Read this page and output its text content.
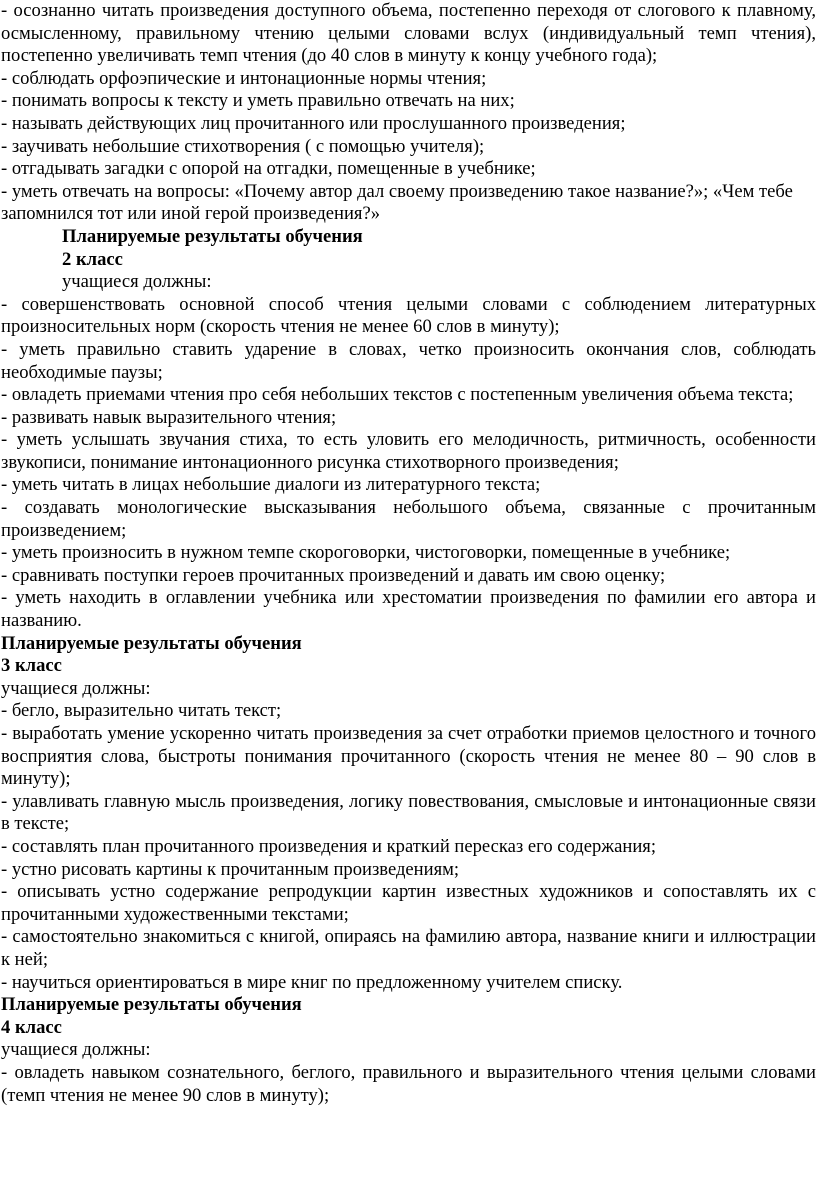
- осознанно читать произведения доступного объема, постепенно переходя от слогового к плавному, осмысленному, правильному чтению целыми словами вслух (индивидуальный темп чтения), постепенно увеличивать темп чтения (до 40 слов в минуту к концу учебного года);

- соблюдать орфоэпические и интонационные нормы чтения;

- понимать вопросы к тексту и уметь правильно отвечать на них;

- называть действующих лиц прочитанного или прослушанного произведения;

- заучивать небольшие стихотворения ( с помощью учителя);

- отгадывать загадки с опорой на отгадки, помещенные в учебнике;

- уметь отвечать на вопросы: «Почему автор дал своему произведению такое название?»; «Чем тебе запомнился тот или иной герой произведения?»

Планируемые результаты обучения

2 класс

учащиеся должны:

- совершенствовать основной способ чтения целыми словами с соблюдением литературных произносительных норм (скорость чтения не менее 60 слов в минуту);

- уметь правильно ставить ударение в словах, четко произносить окончания слов, соблюдать необходимые паузы;

- овладеть приемами чтения про себя небольших текстов с постепенным увеличения объема текста;

- развивать навык выразительного чтения;

- уметь услышать звучания стиха, то есть уловить его мелодичность, ритмичность, особенности звукописи, понимание интонационного рисунка стихотворного произведения;

- уметь читать в лицах небольшие диалоги из литературного текста;

- создавать монологические высказывания небольшого объема, связанные с прочитанным произведением;

- уметь произносить в нужном темпе скороговорки, чистоговорки, помещенные в учебнике;

- сравнивать поступки героев прочитанных произведений и давать им свою оценку;

- уметь находить в оглавлении учебника или хрестоматии произведения по фамилии его автора и названию.

Планируемые результаты обучения

3 класс

учащиеся должны:

- бегло, выразительно читать текст;

- выработать умение ускоренно читать произведения за счет отработки приемов целостного и точного восприятия слова, быстроты понимания прочитанного (скорость чтения не менее 80 – 90 слов в минуту);

- улавливать главную мысль произведения, логику повествования, смысловые и интонационные связи в тексте;

- составлять план прочитанного произведения и краткий пересказ его содержания;

- устно рисовать картины к прочитанным произведениям;

- описывать устно содержание репродукции картин известных художников и сопоставлять их с прочитанными художественными текстами;

- самостоятельно знакомиться с книгой, опираясь на фамилию автора, название книги и иллюстрации к ней;

- научиться ориентироваться в мире книг по предложенному учителем списку.

Планируемые результаты обучения

4 класс

учащиеся должны:

- овладеть навыком сознательного, беглого, правильного и выразительного чтения целыми словами (темп чтения не менее 90 слов в минуту);
